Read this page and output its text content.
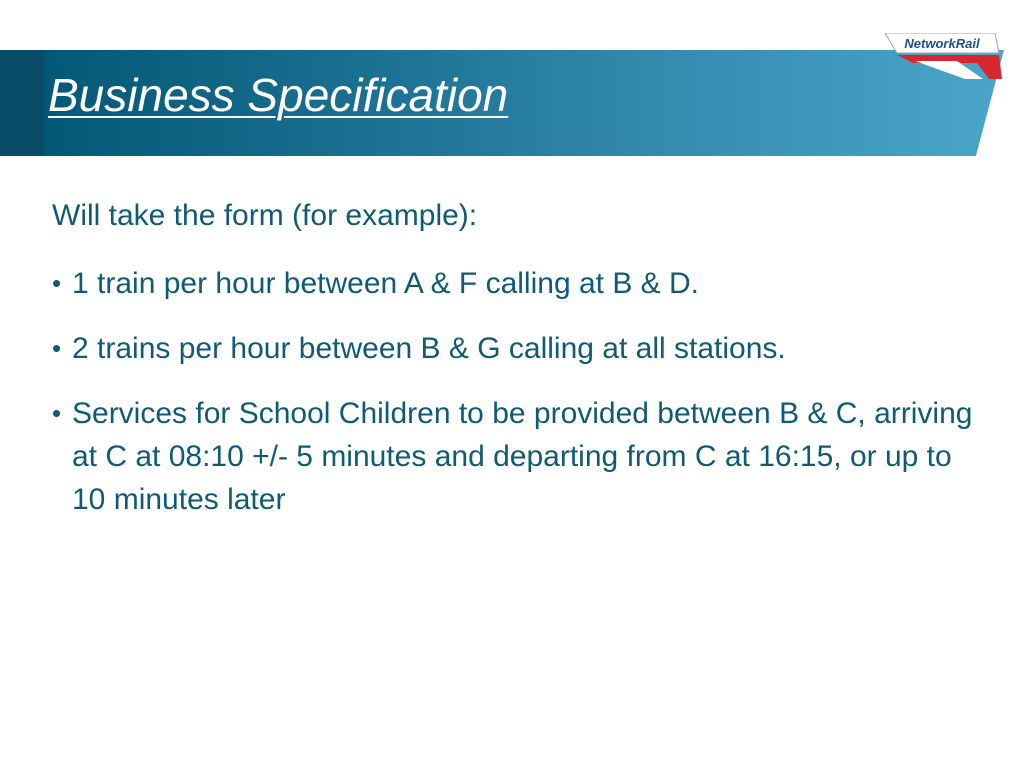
Business Specification
NetworkRail

Will take the form (for example):

• 1 train per hour between A & F calling at B & D.
• 2 trains per hour between B & G calling at all stations.
• Services for School Children to be provided between B & C, arriving at C at 08:10 +/- 5 minutes and departing from C at 16:15, or up to 10 minutes later
